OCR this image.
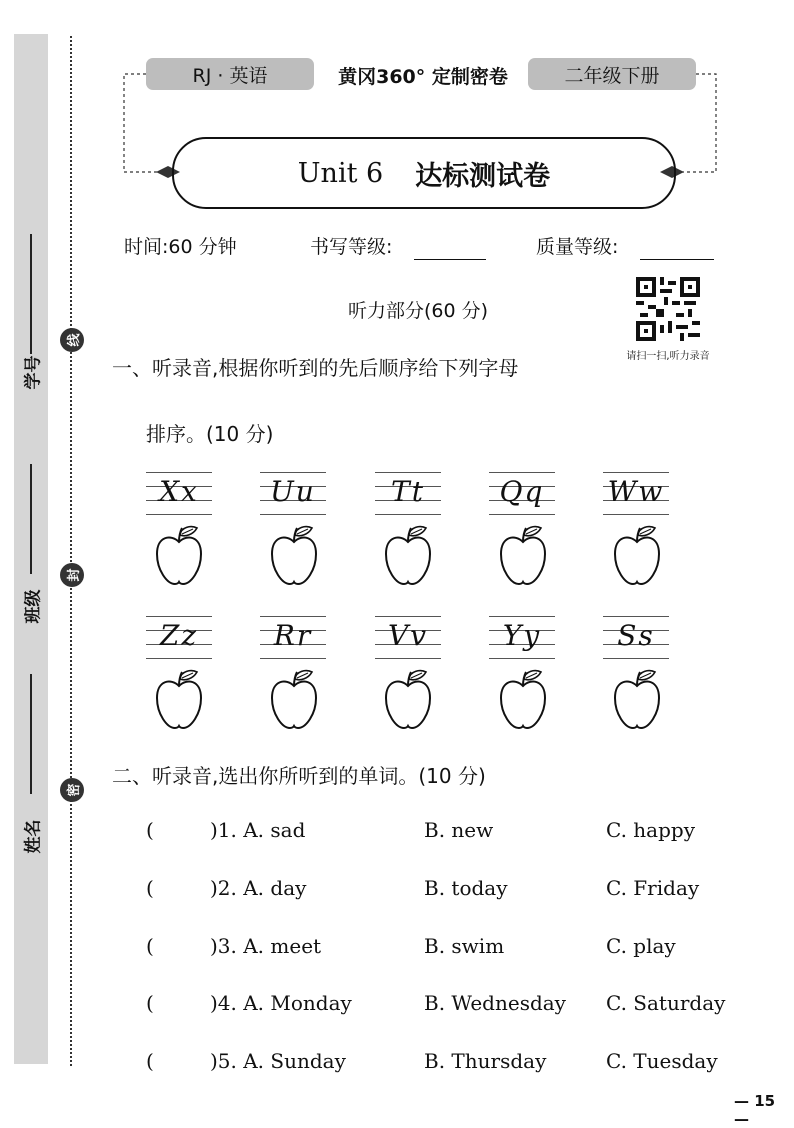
学号
班级
姓名
线
封
密
RJ · 英语	黄冈360° 定制密卷	二年级下册
Unit 6 达标测试卷
时间:60 分钟	书写等级:	质量等级:
听力部分(60 分)
请扫一扫,听力录音
一、听录音,根据你听到的先后顺序给下列字母
排序。(10 分)
Xx	Uu	Tt	Qq	Ww
Zz	Rr	Vv	Yy	Ss
二、听录音,选出你所听到的单词。(10 分)
(	)1. A. sad	B. new	C. happy
(	)2. A. day	B. today	C. Friday
(	)3. A. meet	B. swim	C. play
(	)4. A. Monday	B. Wednesday C. Saturday
(	)5. A. Sunday	B. Thursday	C. Tuesday
— 15 —
